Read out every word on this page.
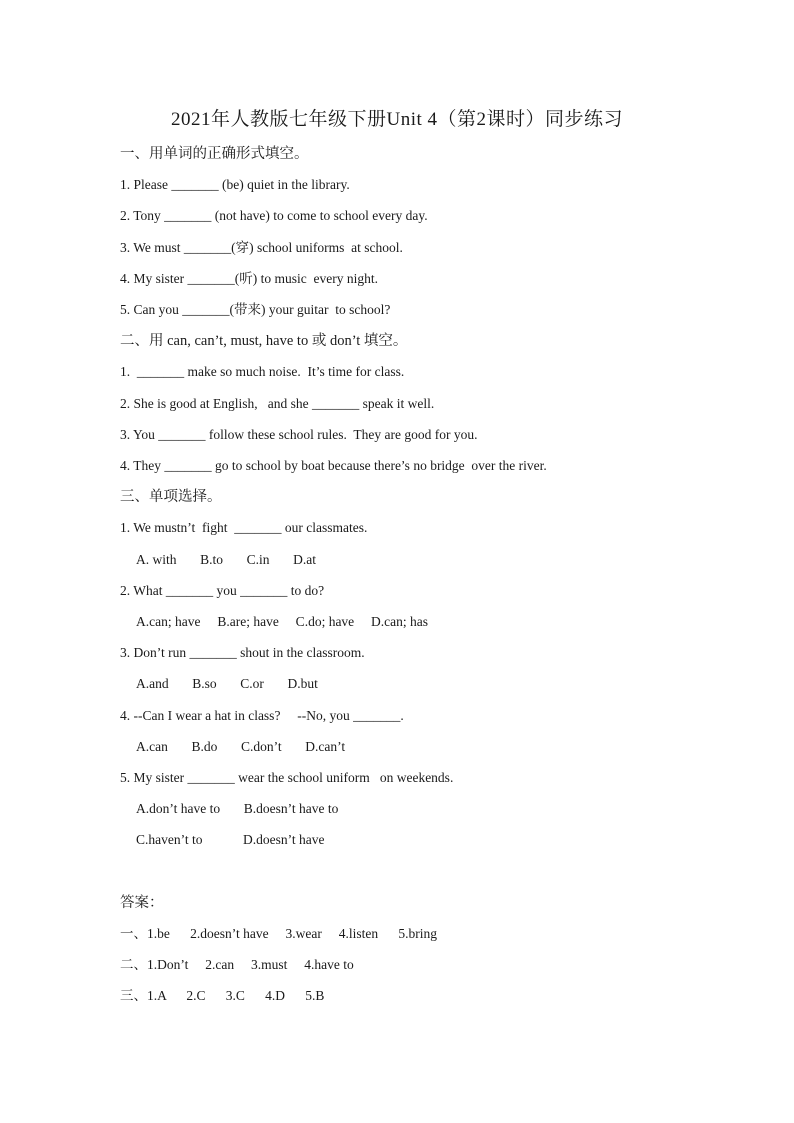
2021年人教版七年级下册Unit 4（第2课时）同步练习
一、用单词的正确形式填空。
1. Please _______ (be) quiet in the library.
2. Tony _______ (not have) to come to school every day.
3. We must _______(穿) school uniforms  at school.
4. My sister _______(听) to music  every night.
5. Can you _______(带来) your guitar  to school?
二、用 can, can’t, must, have to 或 don’t 填空。
1.  _______ make so much noise.  It’s time for class.
2. She is good at English,   and she _______ speak it well.
3. You _______ follow these school rules.  They are good for you.
4. They _______ go to school by boat because there’s no bridge  over the river.
三、单项选择。
1. We mustn’t  fight  _______ our classmates.
A. with       B.to       C.in       D.at
2. What _______ you _______ to do?
A.can; have     B.are; have     C.do; have     D.can; has
3. Don’t run _______ shout in the classroom.
A.and       B.so       C.or       D.but
4. --Can I wear a hat in class?     --No, you _______.
A.can       B.do       C.don’t       D.can’t
5. My sister _______ wear the school uniform   on weekends.
A.don’t have to       B.doesn’t have to
C.haven’t to            D.doesn’t have
答案：
一、1.be      2.doesn’t have     3.wear     4.listen      5.bring
二、1.Don’t     2.can     3.must     4.have to
三、1.A      2.C      3.C      4.D      5.B
